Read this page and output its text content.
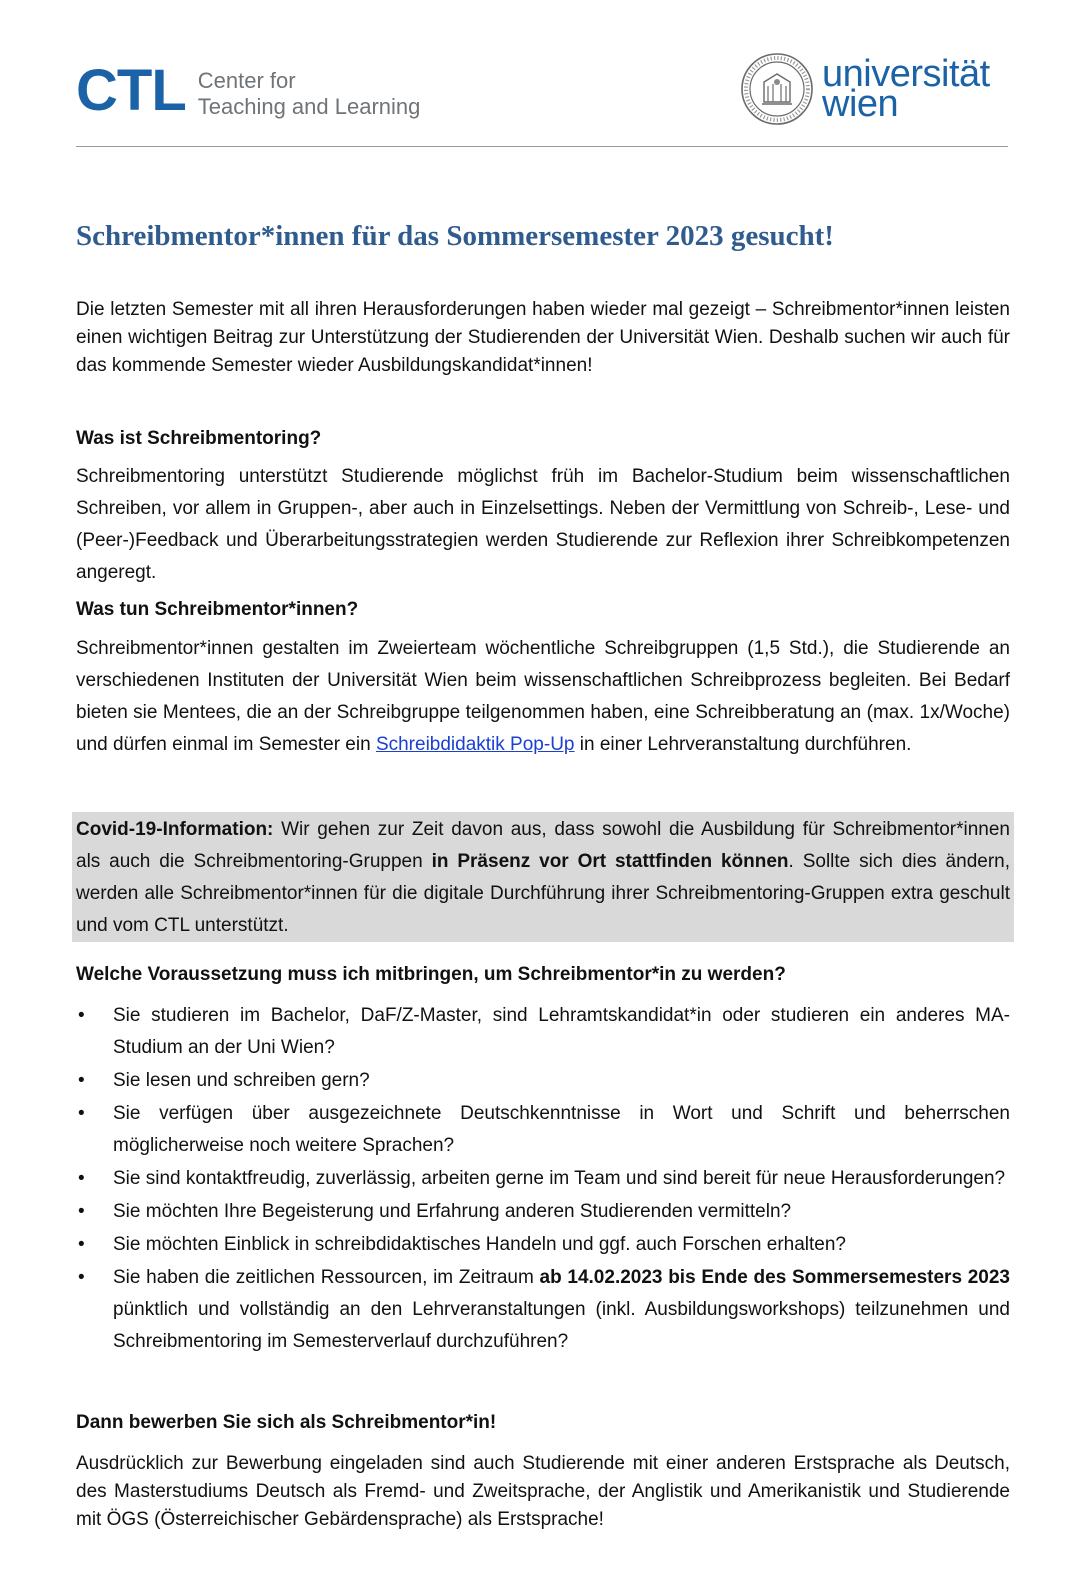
CTL Center for
Teaching and Learning
universität
wien
Schreibmentor*innen für das Sommersemester 2023 gesucht!
Die letzten Semester mit all ihren Herausforderungen haben wieder mal gezeigt – Schreibmentor*innen leisten einen wichtigen Beitrag zur Unterstützung der Studierenden der Universität Wien. Deshalb suchen wir auch für das kommende Semester wieder Ausbildungskandidat*innen!
Was ist Schreibmentoring?
Schreibmentoring unterstützt Studierende möglichst früh im Bachelor-Studium beim wissenschaftlichen Schreiben, vor allem in Gruppen-, aber auch in Einzelsettings. Neben der Vermittlung von Schreib-, Lese- und (Peer-)Feedback und Überarbeitungsstrategien werden Studierende zur Reflexion ihrer Schreibkompetenzen angeregt.
Was tun Schreibmentor*innen?
Schreibmentor*innen gestalten im Zweierteam wöchentliche Schreibgruppen (1,5 Std.), die Studierende an verschiedenen Instituten der Universität Wien beim wissenschaftlichen Schreibprozess begleiten. Bei Bedarf bieten sie Mentees, die an der Schreibgruppe teilgenommen haben, eine Schreibberatung an (max. 1x/Woche) und dürfen einmal im Semester ein Schreibdidaktik Pop-Up in einer Lehrveranstaltung durchführen.
Covid-19-Information: Wir gehen zur Zeit davon aus, dass sowohl die Ausbildung für Schreibmentor*innen als auch die Schreibmentoring-Gruppen in Präsenz vor Ort stattfinden können. Sollte sich dies ändern, werden alle Schreibmentor*innen für die digitale Durchführung ihrer Schreibmentoring-Gruppen extra geschult und vom CTL unterstützt.
Welche Voraussetzung muss ich mitbringen, um Schreibmentor*in zu werden?
• Sie studieren im Bachelor, DaF/Z-Master, sind Lehramtskandidat*in oder studieren ein anderes MA-Studium an der Uni Wien?
• Sie lesen und schreiben gern?
• Sie verfügen über ausgezeichnete Deutschkenntnisse in Wort und Schrift und beherrschen möglicherweise noch weitere Sprachen?
• Sie sind kontaktfreudig, zuverlässig, arbeiten gerne im Team und sind bereit für neue Herausforderungen?
• Sie möchten Ihre Begeisterung und Erfahrung anderen Studierenden vermitteln?
• Sie möchten Einblick in schreibdidaktisches Handeln und ggf. auch Forschen erhalten?
• Sie haben die zeitlichen Ressourcen, im Zeitraum ab 14.02.2023 bis Ende des Sommersemesters 2023 pünktlich und vollständig an den Lehrveranstaltungen (inkl. Ausbildungsworkshops) teilzunehmen und Schreibmentoring im Semesterverlauf durchzuführen?
Dann bewerben Sie sich als Schreibmentor*in!
Ausdrücklich zur Bewerbung eingeladen sind auch Studierende mit einer anderen Erstsprache als Deutsch, des Masterstudiums Deutsch als Fremd- und Zweitsprache, der Anglistik und Amerikanistik und Studierende mit ÖGS (Österreichischer Gebärdensprache) als Erstsprache!
